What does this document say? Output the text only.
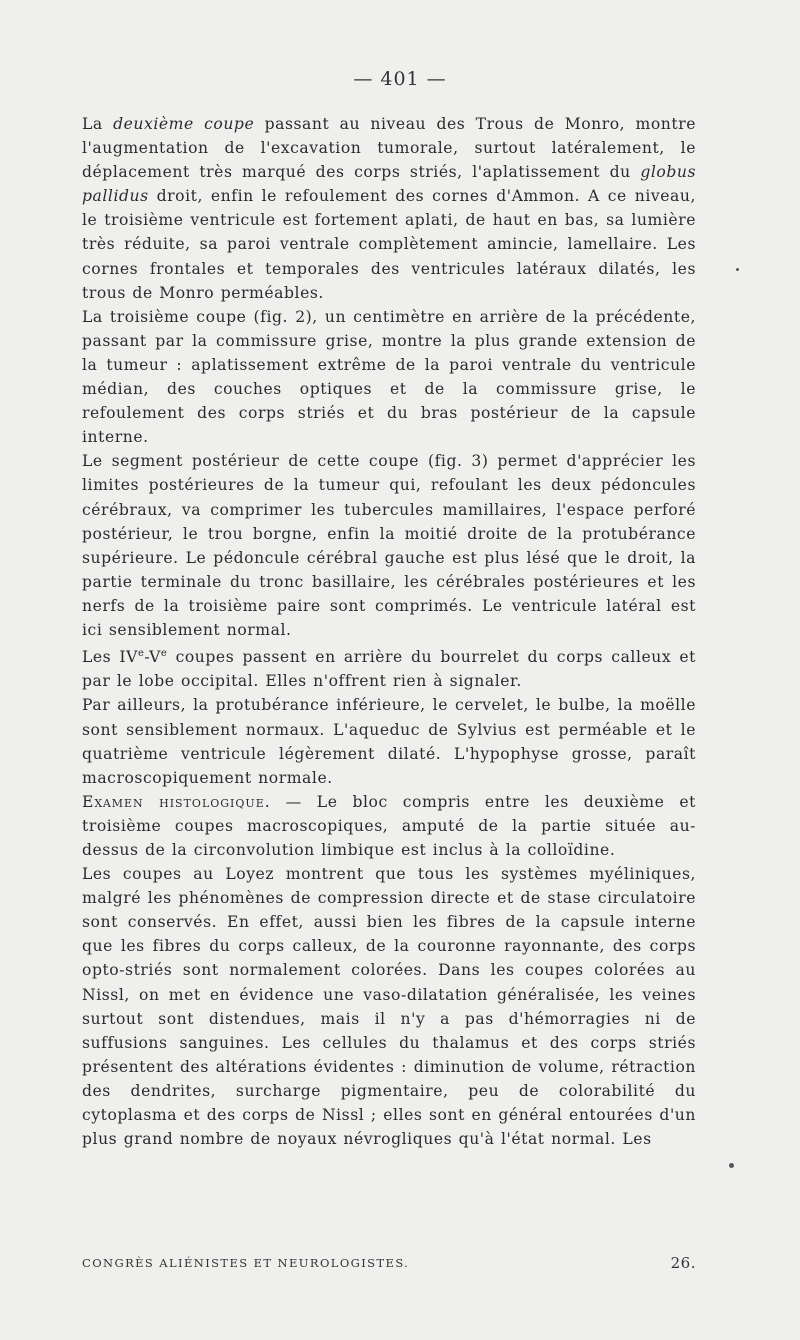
— 401 —

La deuxième coupe passant au niveau des Trous de Monro, montre l'augmentation de l'excavation tumorale, surtout latéralement, le déplacement très marqué des corps striés, l'aplatissement du globus pallidus droit, enfin le refoulement des cornes d'Ammon. A ce niveau, le troisième ventricule est fortement aplati, de haut en bas, sa lumière très réduite, sa paroi ventrale complètement amincie, lamellaire. Les cornes frontales et temporales des ventricules latéraux dilatés, les trous de Monro perméables.

La troisième coupe (fig. 2), un centimètre en arrière de la précédente, passant par la commissure grise, montre la plus grande extension de la tumeur : aplatissement extrême de la paroi ventrale du ventricule médian, des couches optiques et de la commissure grise, le refoulement des corps striés et du bras postérieur de la capsule interne.

Le segment postérieur de cette coupe (fig. 3) permet d'apprécier les limites postérieures de la tumeur qui, refoulant les deux pédoncules cérébraux, va comprimer les tubercules mamillaires, l'espace perforé postérieur, le trou borgne, enfin la moitié droite de la protubérance supérieure. Le pédoncule cérébral gauche est plus lésé que le droit, la partie terminale du tronc basillaire, les cérébrales postérieures et les nerfs de la troisième paire sont comprimés. Le ventricule latéral est ici sensiblement normal.

Les IVe-Ve coupes passent en arrière du bourrelet du corps calleux et par le lobe occipital. Elles n'offrent rien à signaler.

Par ailleurs, la protubérance inférieure, le cervelet, le bulbe, la moëlle sont sensiblement normaux. L'aqueduc de Sylvius est perméable et le quatrième ventricule légèrement dilaté. L'hypophyse grosse, paraît macroscopiquement normale.

Examen histologique. — Le bloc compris entre les deuxième et troisième coupes macroscopiques, amputé de la partie située au-dessus de la circonvolution limbique est inclus à la colloïdine.

Les coupes au Loyez montrent que tous les systèmes myéliniques, malgré les phénomènes de compression directe et de stase circulatoire sont conservés. En effet, aussi bien les fibres de la capsule interne que les fibres du corps calleux, de la couronne rayonnante, des corps opto-striés sont normalement colorées. Dans les coupes colorées au Nissl, on met en évidence une vaso-dilatation généralisée, les veines surtout sont distendues, mais il n'y a pas d'hémorragies ni de suffusions sanguines. Les cellules du thalamus et des corps striés présentent des altérations évidentes : diminution de volume, rétraction des dendrites, surcharge pigmentaire, peu de colorabilité du cytoplasma et des corps de Nissl ; elles sont en général entourées d'un plus grand nombre de noyaux névrogliques qu'à l'état normal. Les

CONGRÈS ALIÉNISTES ET NEUROLOGISTES.	26.
